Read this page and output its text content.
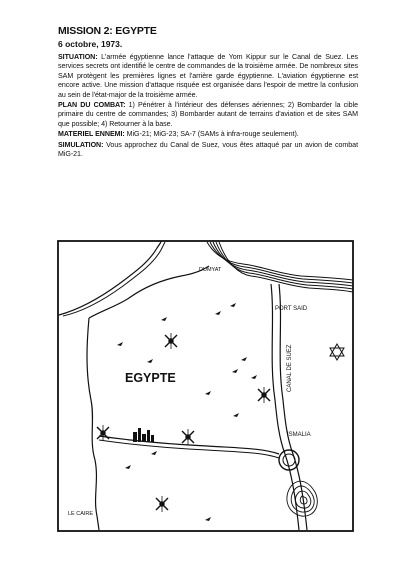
MISSION 2: EGYPTE

6 octobre, 1973.

SITUATION: L'armée égyptienne lance l'attaque de Yom Kippur sur le Canal de Suez. Les services secrets ont identifié le centre de commandes de la troisième armée. De nombreux sites SAM protègent les premières lignes et l'arrière garde égyptienne. L'aviation égyptienne est encore active. Une mission d'attaque risquée est organisée dans l'espoir de mettre la confusion au sein de l'état-major de la troisième armée.

PLAN DU COMBAT: 1) Pénétrer à l'intérieur des défenses aériennes; 2) Bombarder la cible primaire du centre de commandes; 3) Bombarder autant de terrains d'aviation et de sites SAM que possible; 4) Retourner à la base.

MATERIEL ENNEMI: MiG-21; MiG-23; SA-7 (SAMs à infra-rouge seulement).

SIMULATION: Vous approchez du Canal de Suez, vous êtes attaqué par un avion de combat MiG-21.

DUMYAT
PORT SAID
CANAL DE SUEZ
EGYPTE
ISMALIA
LE CAIRE
